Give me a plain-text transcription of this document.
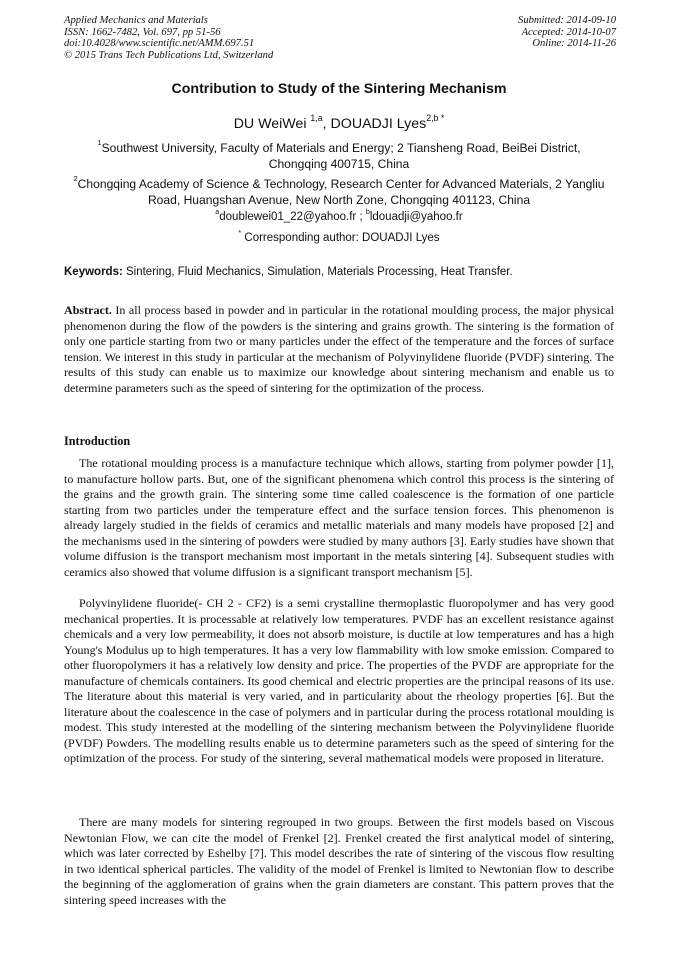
Applied Mechanics and Materials
ISSN: 1662-7482, Vol. 697, pp 51-56
doi:10.4028/www.scientific.net/AMM.697.51
© 2015 Trans Tech Publications Ltd, Switzerland
Submitted: 2014-09-10
Accepted: 2014-10-07
Online: 2014-11-26
Contribution to Study of the Sintering Mechanism
DU WeiWei $^{1,a}$, DOUADJI Lyes$^{2,b *}$
$^1$Southwest University, Faculty of Materials and Energy; 2 Tiansheng Road, BeiBei District, Chongqing 400715, China
$^2$Chongqing Academy of Science & Technology, Research Center for Advanced Materials, 2 Yangliu Road, Huangshan Avenue, New North Zone, Chongqing 401123, China
$^a$doublewei01_22@yahoo.fr ; $^b$ldouadji@yahoo.fr
* Corresponding author: DOUADJI Lyes
Keywords: Sintering, Fluid Mechanics, Simulation, Materials Processing, Heat Transfer.

Abstract. In all process based in powder and in particular in the rotational moulding process, the major physical phenomenon during the flow of the powders is the sintering and grains growth. The sintering is the formation of only one particle starting from two or many particles under the effect of the temperature and the forces of surface tension. We interest in this study in particular at the mechanism of Polyvinylidene fluoride (PVDF) sintering. The results of this study can enable us to maximize our knowledge about sintering mechanism and enable us to determine parameters such as the speed of sintering for the optimization of the process.

Introduction

The rotational moulding process is a manufacture technique which allows, starting from polymer powder [1], to manufacture hollow parts. But, one of the significant phenomena which control this process is the sintering of the grains and the growth grain. The sintering some time called coalescence is the formation of one particle starting from two particles under the temperature effect and the surface tension forces. This phenomenon is already largely studied in the fields of ceramics and metallic materials and many models have proposed [2] and the mechanisms used in the sintering of powders were studied by many authors [3]. Early studies have shown that volume diffusion is the transport mechanism most important in the metals sintering [4]. Subsequent studies with ceramics also showed that volume diffusion is a significant transport mechanism [5].

Polyvinylidene fluoride(- CH 2 - CF2) is a semi crystalline thermoplastic fluoropolymer and has very good mechanical properties. It is processable at relatively low temperatures. PVDF has an excellent resistance against chemicals and a very low permeability, it does not absorb moisture, is ductile at low temperatures and has a high Young's Modulus up to high temperatures. It has a very low flammability with low smoke emission. Compared to other fluoropolymers it has a relatively low density and price. The properties of the PVDF are appropriate for the manufacture of chemicals containers. Its good chemical and electric properties are the principal reasons of its use. The literature about this material is very varied, and in particularity about the rheology properties [6]. But the literature about the coalescence in the case of polymers and in particular during the process rotational moulding is modest. This study interested at the modelling of the sintering mechanism between the Polyvinylidene fluoride (PVDF) Powders. The modelling results enable us to determine parameters such as the speed of sintering for the optimization of the process. For study of the sintering, several mathematical models were proposed in literature.

There are many models for sintering regrouped in two groups. Between the first models based on Viscous Newtonian Flow, we can cite the model of Frenkel [2]. Frenkel created the first analytical model of sintering, which was later corrected by Eshelby [7]. This model describes the rate of sintering of the viscous flow resulting in two identical spherical particles. The validity of the model of Frenkel is limited to Newtonian flow to describe the beginning of the agglomeration of grains when the grain diameters are constant. This pattern proves that the sintering speed increases with the
